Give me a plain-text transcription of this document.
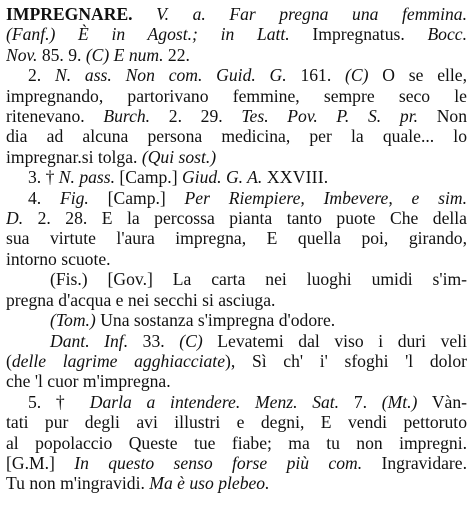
IMPREGNARE. V. a. Far pregna una femmina.
(Fanf.) È in Agost.; in Latt. Impregnatus. Bocc.
Nov. 85. 9. (C) E num. 22.
2. N. ass. Non com. Guid. G. 161. (C) O se elle,
impregnando, partorivano femmine, sempre seco le
ritenevano. Burch. 2. 29. Tes. Pov. P. S. pr. Non
dia ad alcuna persona medicina, per la quale... lo
impregnar.si tolga. (Qui sost.)
3. † N. pass. [Camp.] Giud. G. A. XXVIII.
4. Fig. [Camp.] Per Riempiere, Imbevere, e sim.
D. 2. 28. E la percossa pianta tanto puote Che della
sua virtute l'aura impregna, E quella poi, girando,
intorno scuote.
(Fis.) [Gov.] La carta nei luoghi umidi s'im-
pregna d'acqua e nei secchi si asciuga.
(Tom.) Una sostanza s'impregna d'odore.
Dant. Inf. 33. (C) Levatemi dal viso i duri veli
(delle lagrime agghiacciate), Sì ch' i' sfoghi 'l dolor
che 'l cuor m'impregna.
5. † Darla a intendere. Menz. Sat. 7. (Mt.) Vàn-
tati pur degli avi illustri e degni, E vendi pettoruto
al popolaccio Queste tue fiabe; ma tu non impregni.
[G.M.] In questo senso forse più com. Ingravidare.
Tu non m'ingravidi. Ma è uso plebeo.
